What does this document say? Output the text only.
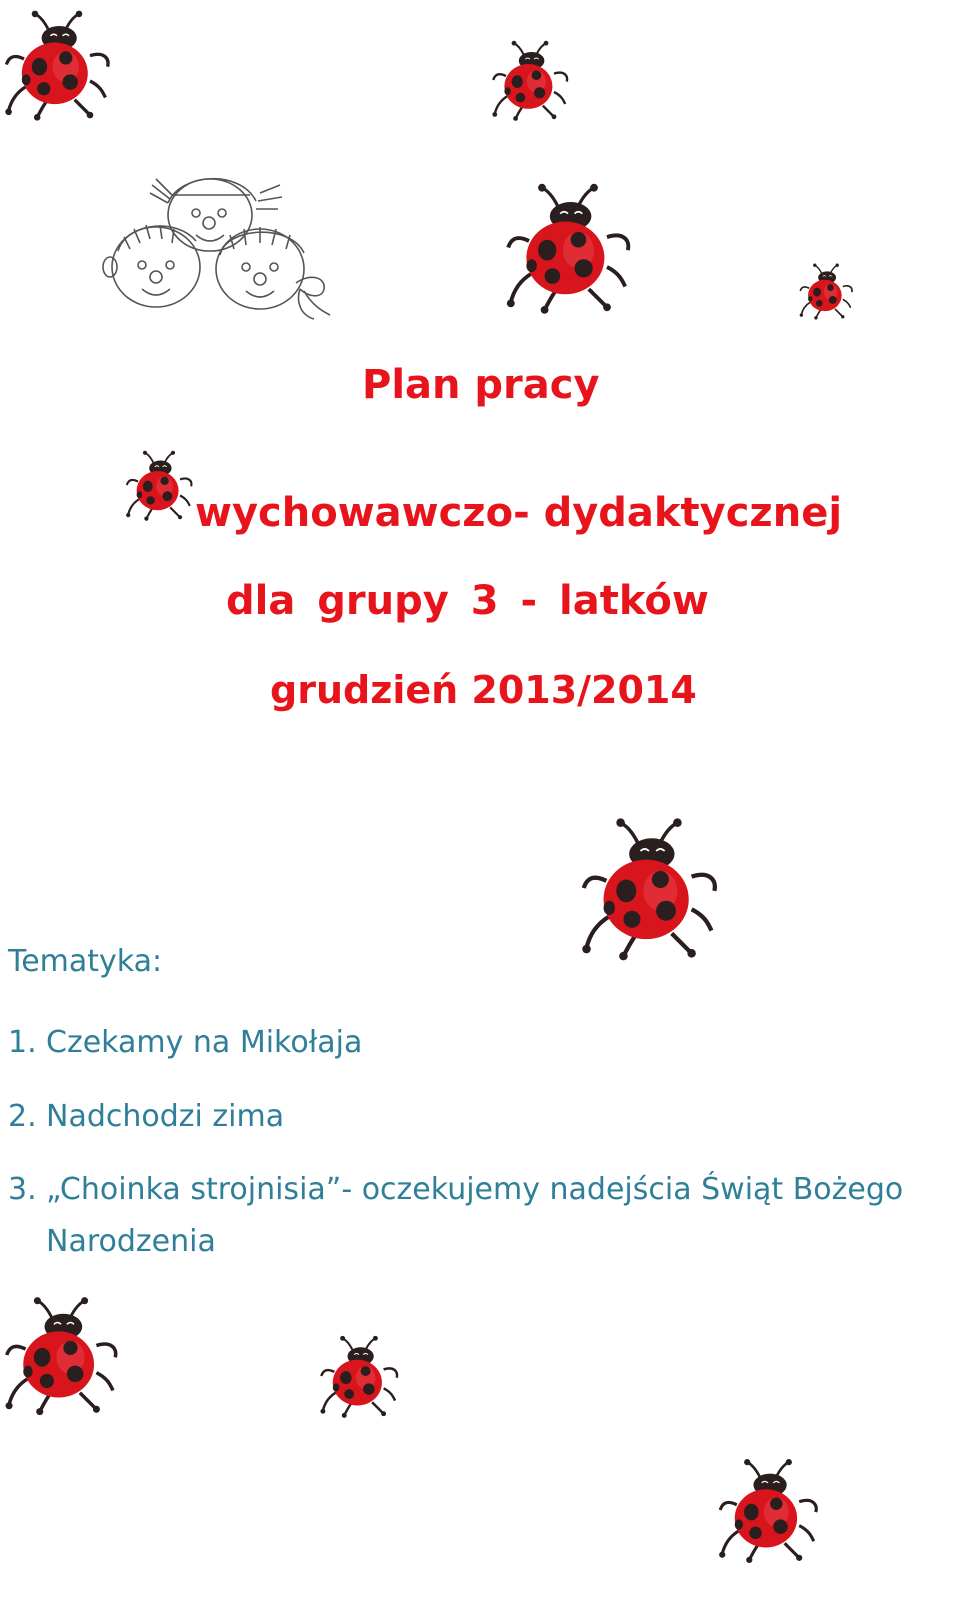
Plan pracy

wychowawczo- dydaktycznej

dla grupy 3 - latków

grudzień 2013/2014

Tematyka:

1. Czekamy na Mikołaja
2. Nadchodzi zima
3. „Choinka strojnisia”- oczekujemy nadejścia Świąt Bożego Narodzenia
